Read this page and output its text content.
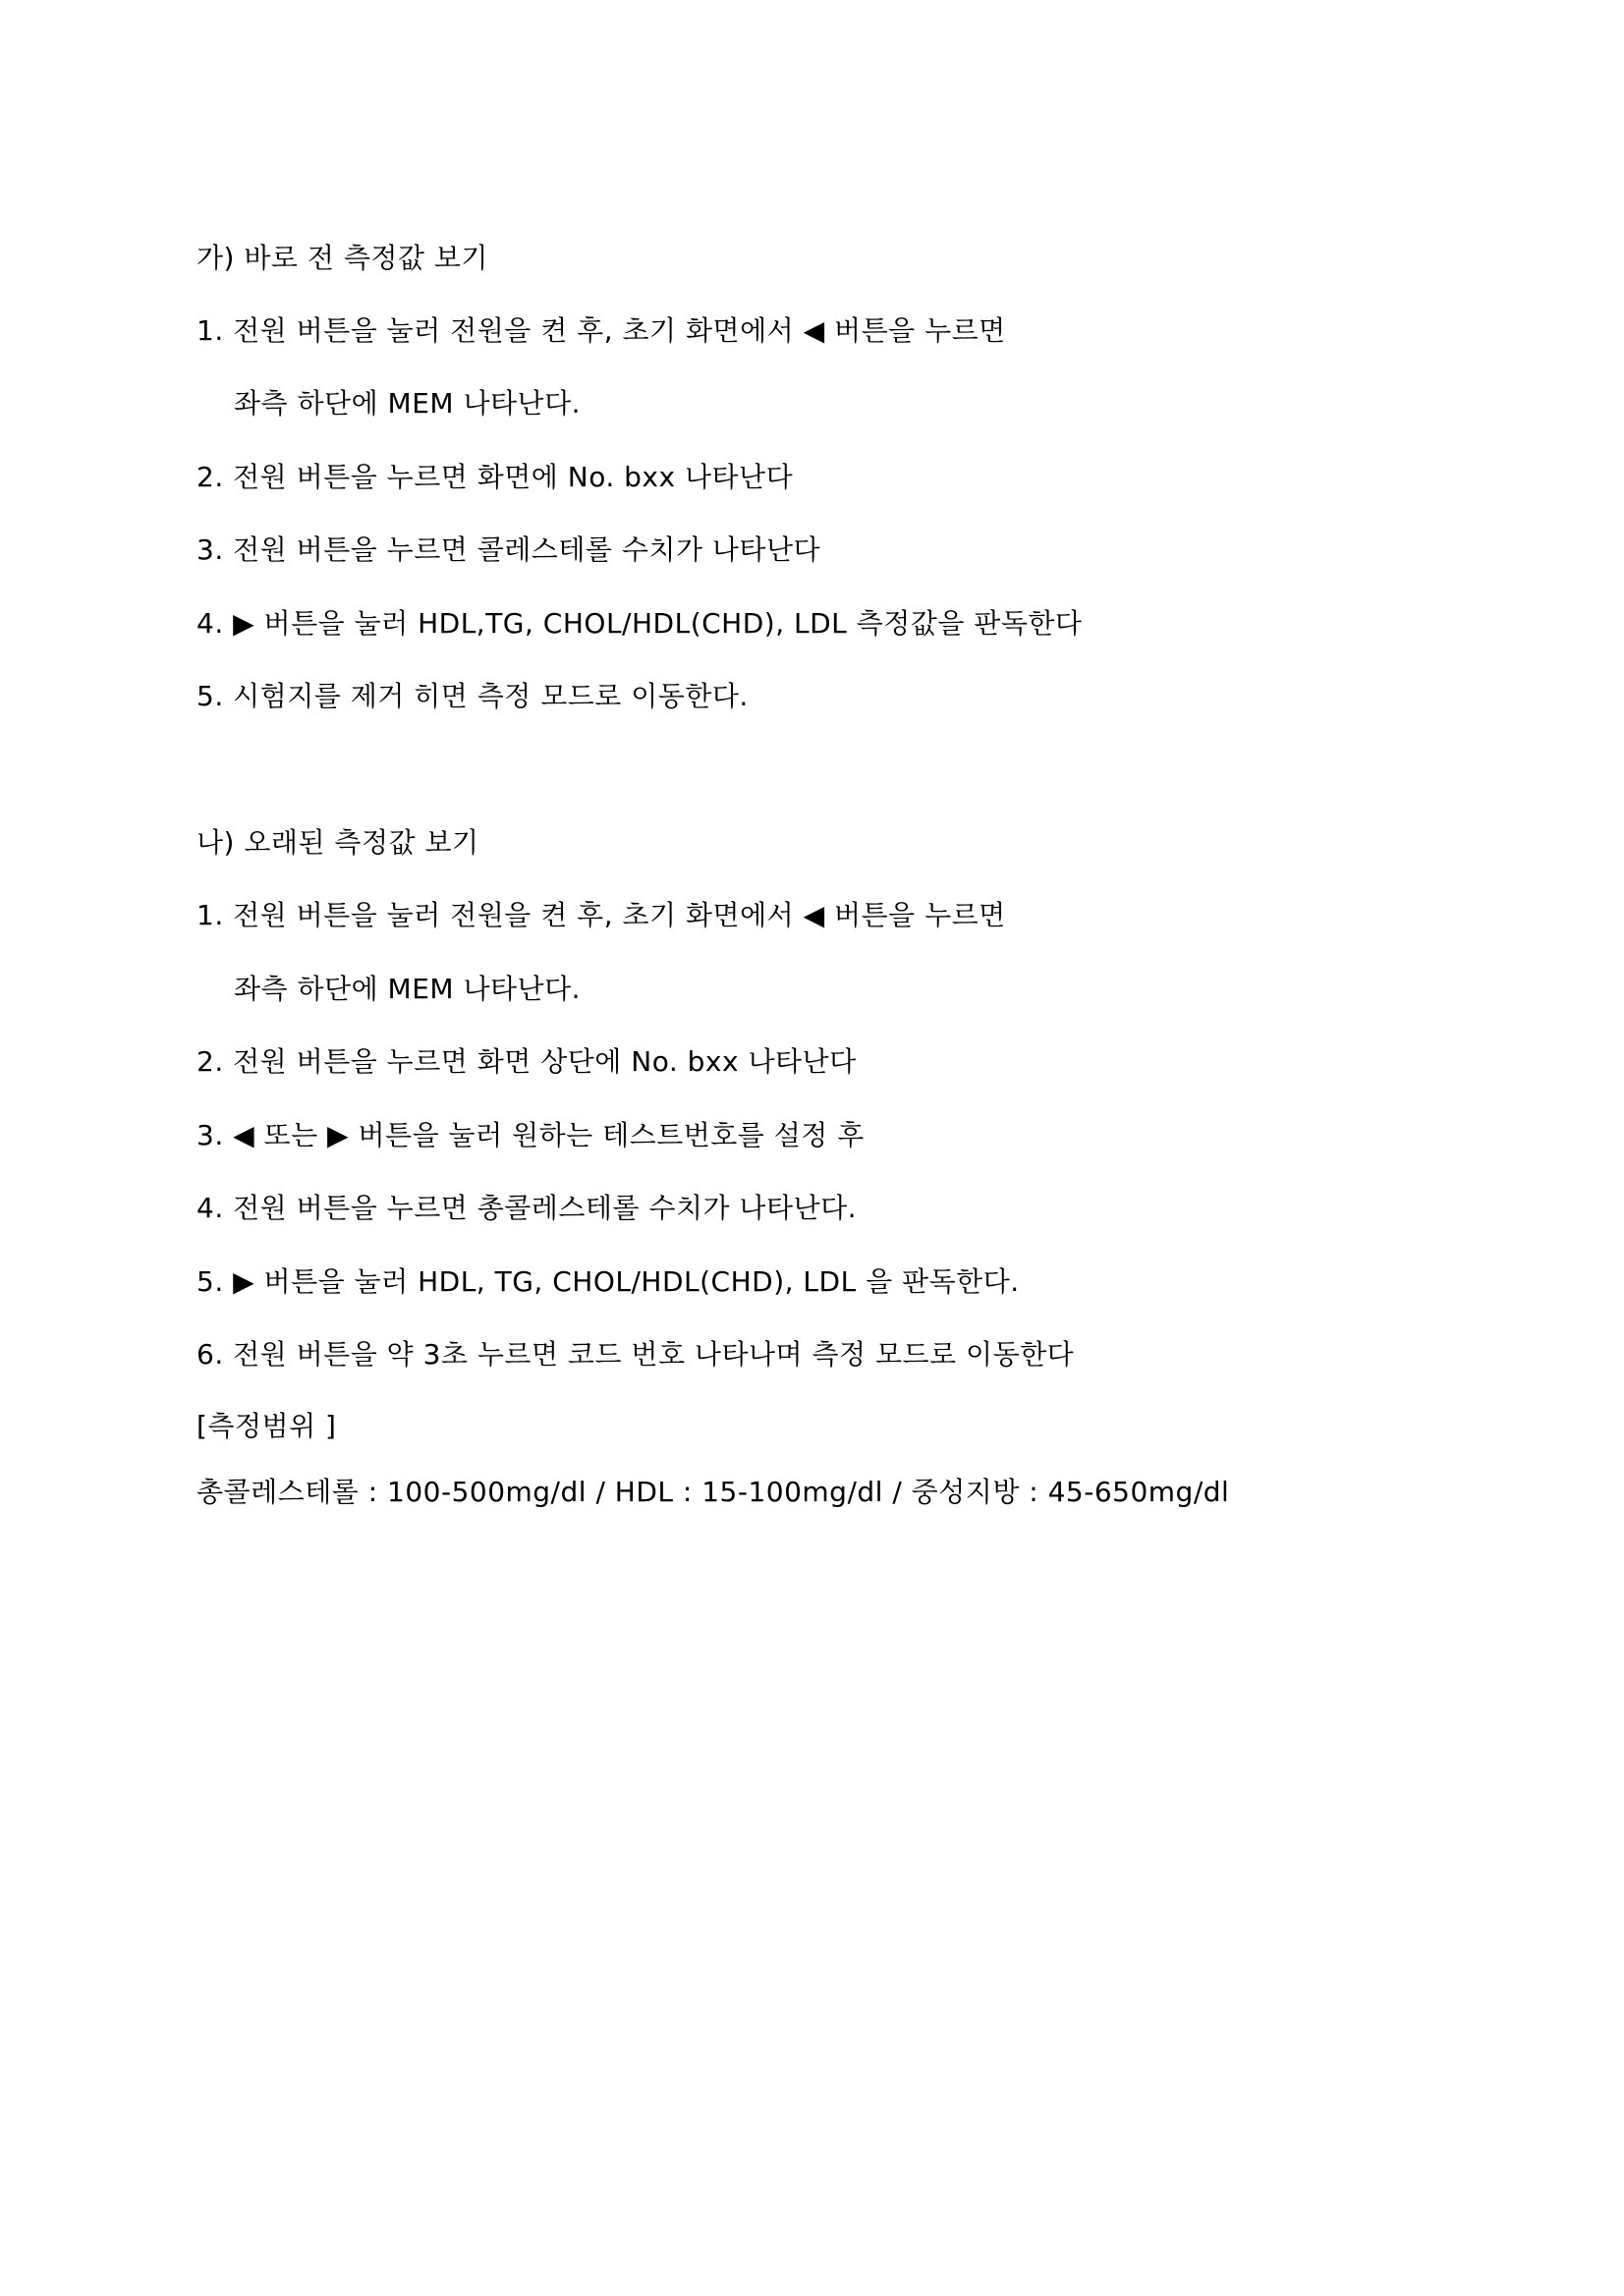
가) 바로 전 측정값 보기
1. 전원 버튼을 눌러 전원을 켠 후, 초기 화면에서 ◀ 버튼을 누르면
좌측 하단에 MEM 나타난다.
2. 전원 버튼을 누르면 화면에 No. bxx 나타난다
3. 전원 버튼을 누르면 콜레스테롤 수치가 나타난다
4. ▶ 버튼을 눌러 HDL,TG, CHOL/HDL(CHD), LDL 측정값을 판독한다
5. 시험지를 제거 히면 측정 모드로 이동한다.
나) 오래된 측정값 보기
1. 전원 버튼을 눌러 전원을 켠 후, 초기 화면에서 ◀ 버튼을 누르면
좌측 하단에 MEM 나타난다.
2. 전원 버튼을 누르면 화면 상단에 No. bxx 나타난다
3. ◀ 또는 ▶ 버튼을 눌러 원하는 테스트번호를 설정 후
4. 전원 버튼을 누르면 총콜레스테롤 수치가 나타난다.
5. ▶ 버튼을 눌러 HDL, TG, CHOL/HDL(CHD), LDL 을 판독한다.
6. 전원 버튼을 약 3초 누르면 코드 번호 나타나며 측정 모드로 이동한다
[측정범위 ]
총콜레스테롤 : 100-500mg/dl / HDL : 15-100mg/dl / 중성지방 : 45-650mg/dl
